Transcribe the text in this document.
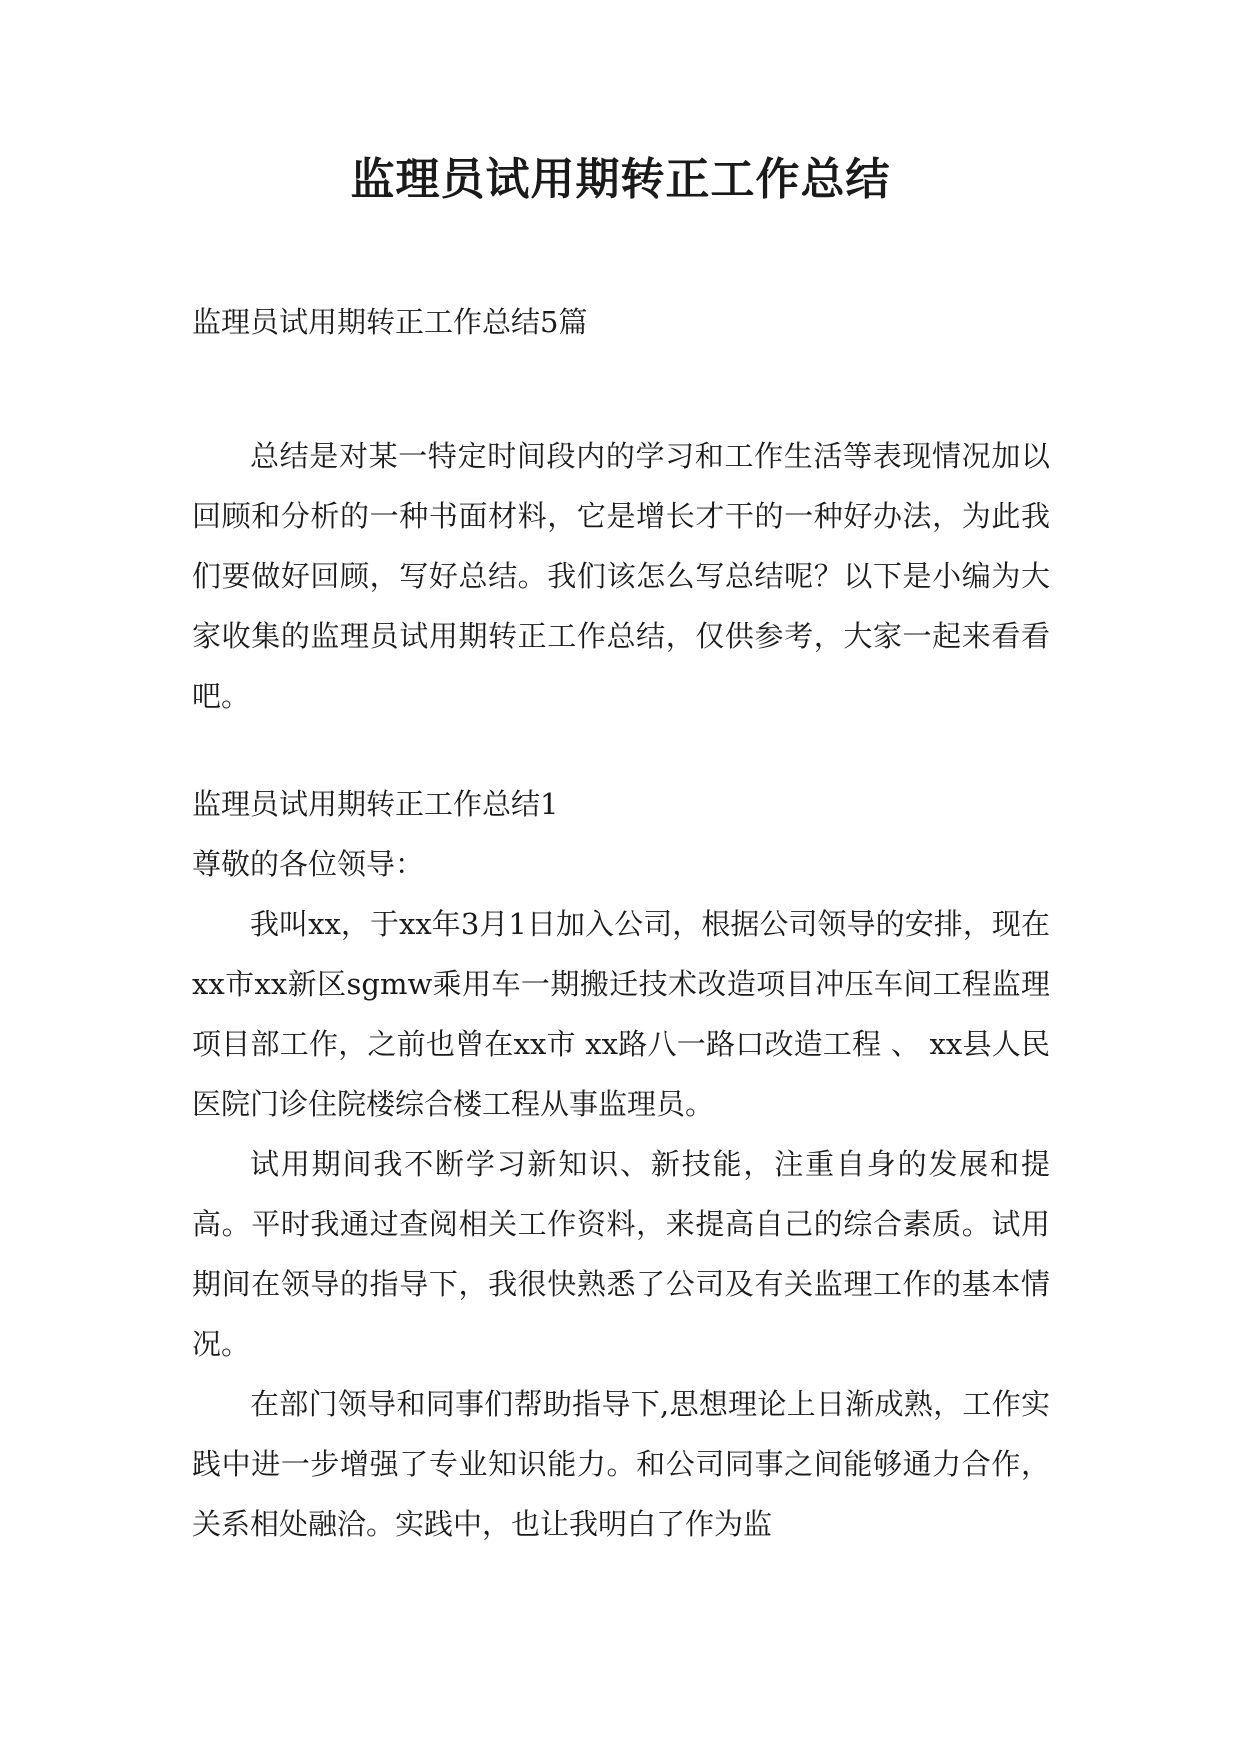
监理员试用期转正工作总结

监理员试用期转正工作总结5篇

总结是对某一特定时间段内的学习和工作生活等表现情况加以回顾和分析的一种书面材料，它是增长才干的一种好办法，为此我们要做好回顾，写好总结。我们该怎么写总结呢？以下是小编为大家收集的监理员试用期转正工作总结，仅供参考，大家一起来看看吧。

监理员试用期转正工作总结1

尊敬的各位领导：

我叫xx，于xx年3月1日加入公司，根据公司领导的安排，现在xx市xx新区sgmw乘用车一期搬迁技术改造项目冲压车间工程监理项目部工作，之前也曾在xx市 xx路八一路口改造工程 、 xx县人民医院门诊住院楼综合楼工程从事监理员。

试用期间我不断学习新知识、新技能，注重自身的发展和提高。平时我通过查阅相关工作资料，来提高自己的综合素质。试用期间在领导的指导下，我很快熟悉了公司及有关监理工作的基本情况。

在部门领导和同事们帮助指导下,思想理论上日渐成熟，工作实践中进一步增强了专业知识能力。和公司同事之间能够通力合作，关系相处融洽。实践中，也让我明白了作为监
